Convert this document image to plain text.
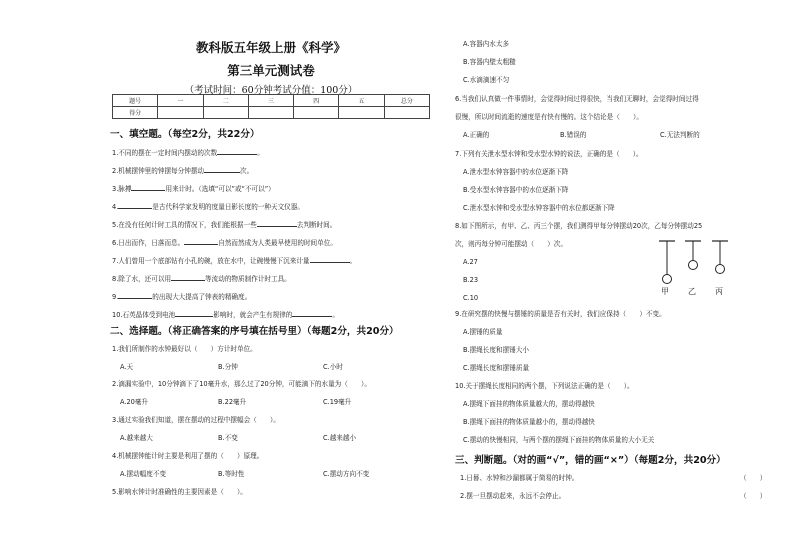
教科版五年级上册《科学》
第三单元测试卷
（考试时间：60分钟考试分值：100分）
题号	一	二	三	四	五	总分
得分						
一、填空题。（每空2分，共22分）
1.不同的摆在一定时间内摆动的次数	。
2.机械摆钟里的钟摆每分钟摆动	次。
3.脉搏	用来计时。（选填“可以”或“不可以”）
4.	是古代科学家发明的度量日影长度的一种天文仪器。
5.在没有任何计时工具的情况下，我们能根据一些	去判断时间。
6.日出而作，日落而息。	自然而然成为人类最早使用的时间单位。
7.人们曾用一个底部钻有小孔的碗，放在水中，让碗慢慢下沉来计量	。
8.除了水，还可以用	等流动的物质制作计时工具。
9.	的出现大大提高了钟表的精确度。
10.石英晶体受到电池	影响时，就会产生有规律的	。
二、选择题。（将正确答案的序号填在括号里）（每题2分，共20分）
1.我们所制作的水钟最好以（　　）方计时单位。
A.天	B.分钟	C.小时
2.滴漏实验中，10分钟滴下了10毫升水，那么过了20分钟，可能滴下的水量为（　　）。
A.20毫升	B.22毫升	C.19毫升
3.通过实验我们知道，摆在摆动的过程中摆幅会（　　）。
A.越来越大	B.不变	C.越来越小
4.机械摆钟能计时主要是利用了摆的（　　）原理。
A.摆动幅度不变	B.等时性	C.摆动方向不变
5.影响水钟计时准确性的主要因素是（　　）。
A.容器内水太多
B.容器内壁太粗糙
C.水滴滴速不匀
6.当我们认真做一件事情时，会觉得时间过得很快，当我们无聊时，会觉得时间过得
很慢，所以时间流逝的速度是有快有慢的。这个结论是（　　）。
A.正确的	B.错误的	C.无法判断的
7.下列有关泄水型水钟和受水型水钟的说法，正确的是（　　）。
A.泄水型水钟容器中的水位逐渐下降
B.受水型水钟容器中的水位逐渐下降
C.泄水型水钟和受水型水钟容器中的水位都逐渐下降
8.如下图所示，有甲、乙、丙三个摆，我们测得甲每分钟摆动20次，乙每分钟摆动25
次，则丙每分钟可能摆动（　　）次。
A.27
B.23
C.10
甲 乙 丙
9.在研究摆的快慢与摆锤的质量是否有关时，我们应保持（　　）不变。
A.摆锤的质量
B.摆绳长度和摆锤大小
C.摆绳长度和摆锤质量
10.关于摆绳长度相同的两个摆，下列说法正确的是（　　）。
A.摆绳下面挂的物体质量越大的，摆动得越快
B.摆绳下面挂的物体质量越小的，摆动得越快
C.摆动的快慢相同，与两个摆的摆绳下面挂的物体质量的大小无关
三、判断题。（对的画“√”，错的画“×”）（每题2分，共20分）
1.日晷、水钟和沙漏都属于简易的时钟。	（　　）
2.摆一旦摆动起来，永远不会停止。	（　　）
